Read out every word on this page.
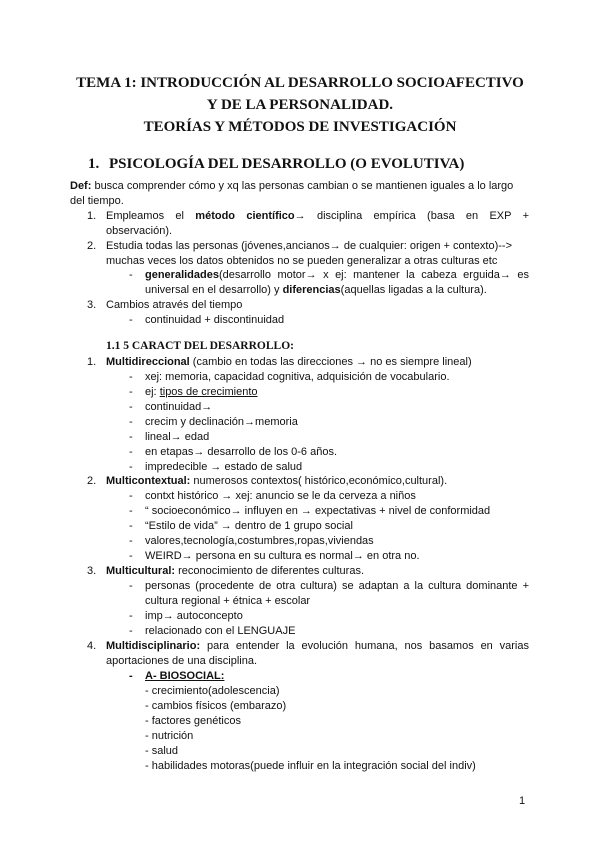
TEMA 1: INTRODUCCIÓN AL DESARROLLO SOCIOAFECTIVO
Y DE LA PERSONALIDAD.
TEORÍAS Y MÉTODOS DE INVESTIGACIÓN
1. PSICOLOGÍA DEL DESARROLLO (O EVOLUTIVA)
Def: busca comprender cómo y xq las personas cambian o se mantienen iguales a lo largo
del tiempo.
1. Empleamos el método científico→ disciplina empírica (basa en EXP +
observación).
2. Estudia todas las personas (jóvenes,ancianos→ de cualquier: origen + contexto)-->
muchas veces los datos obtenidos no se pueden generalizar a otras culturas etc
- generalidades(desarrollo motor→ x ej: mantener la cabeza erguida→ es
universal en el desarrollo) y diferencias(aquellas ligadas a la cultura).
3. Cambios através del tiempo
- continuidad + discontinuidad
1.1 5 CARACT DEL DESARROLLO:
1. Multidireccional (cambio en todas las direcciones → no es siempre lineal)
- xej: memoria, capacidad cognitiva, adquisición de vocabulario.
- ej: tipos de crecimiento
- continuidad→
- crecim y declinación→memoria
- lineal→ edad
- en etapas→ desarrollo de los 0-6 años.
- impredecible → estado de salud
2. Multicontextual: numerosos contextos( histórico,económico,cultural).
- contxt histórico → xej: anuncio se le da cerveza a niños
- “ socioeconómico→ influyen en → expectativas + nivel de conformidad
- “Estilo de vida” → dentro de 1 grupo social
- valores,tecnología,costumbres,ropas,viviendas
- WEIRD→ persona en su cultura es normal→ en otra no.
3. Multicultural: reconocimiento de diferentes culturas.
- personas (procedente de otra cultura) se adaptan a la cultura dominante +
cultura regional + étnica + escolar
- imp→ autoconcepto
- relacionado con el LENGUAJE
4. Multidisciplinario: para entender la evolución humana, nos basamos en varias
aportaciones de una disciplina.
- A- BIOSOCIAL:
- crecimiento(adolescencia)
- cambios físicos (embarazo)
- factores genéticos
- nutrición
- salud
- habilidades motoras(puede influir en la integración social del indiv)
1
